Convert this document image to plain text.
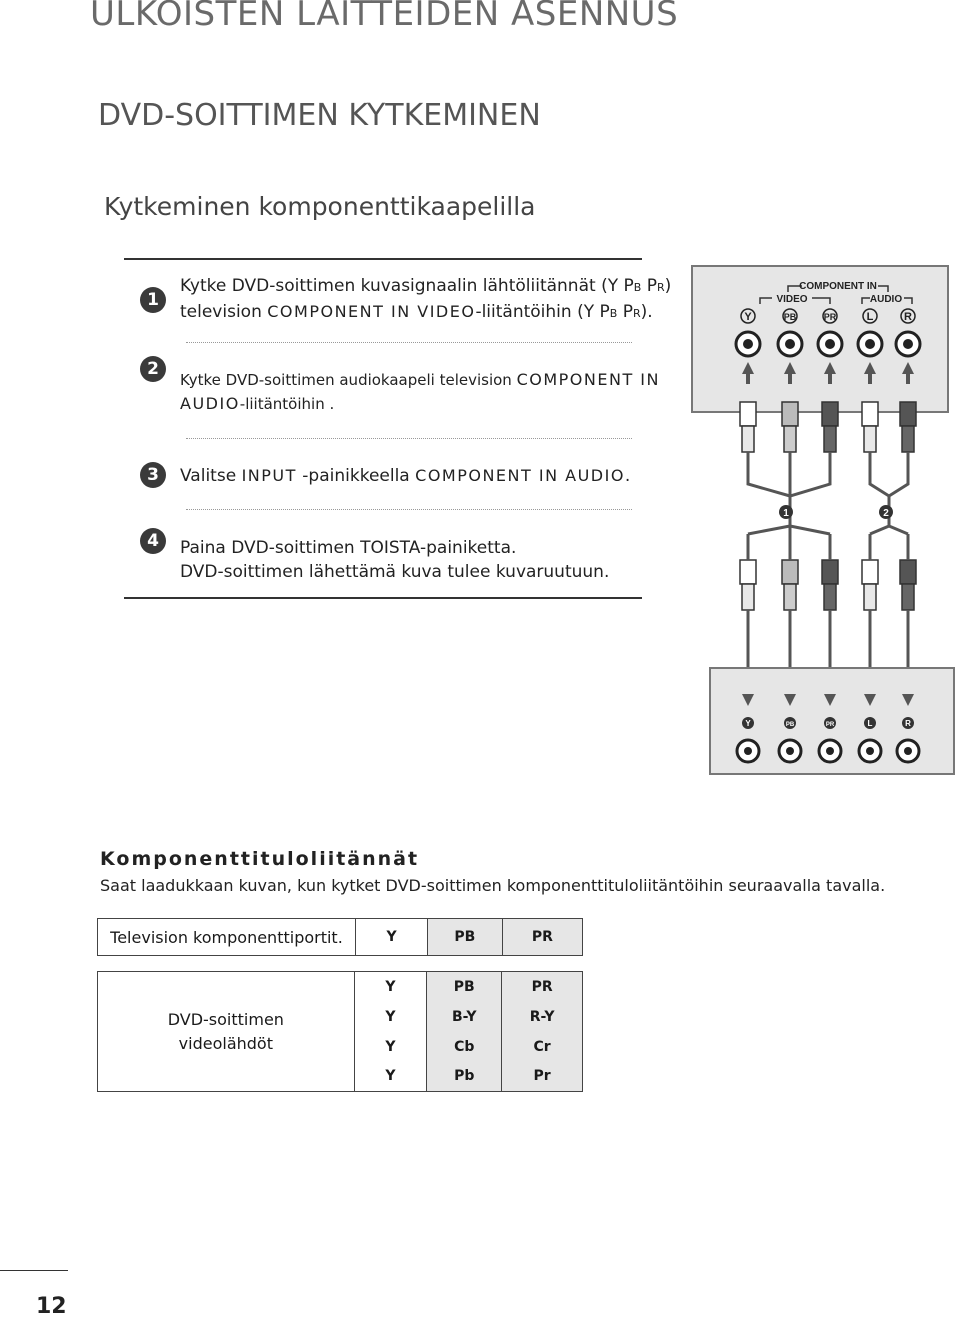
ULKOISTEN LAITTEIDEN ASENNUS
DVD-SOITTIMEN KYTKEMINEN
Kytkeminen komponenttikaapelilla
1
Kytke DVD-soittimen kuvasignaalin lähtöliitännät (Y PB PR)
television COMPONENT IN VIDEO-liitäntöihin (Y PB PR).
2
Kytke DVD-soittimen audiokaapeli television COMPONENT IN
AUDIO-liitäntöihin .
3	Valitse INPUT -painikkeella COMPONENT IN AUDIO.
4	Paina DVD-soittimen TOISTA-painiketta.
DVD-soittimen lähettämä kuva tulee kuvaruutuun.
COMPONENT IN
VIDEO	AUDIO
Y	PB	PR	L	R
1	2
Y	PB	PR	L	R
Komponenttituloliitännät
Saat laadukkaan kuvan, kun kytket DVD-soittimen komponenttituloliitäntöihin seuraavalla tavalla.
Television komponenttiportit.	Y	PB	PR
DVD-soittimen
videolähdöt	Y	PB	PR
	Y	B-Y	R-Y
	Y	Cb	Cr
	Y	Pb	Pr
12
